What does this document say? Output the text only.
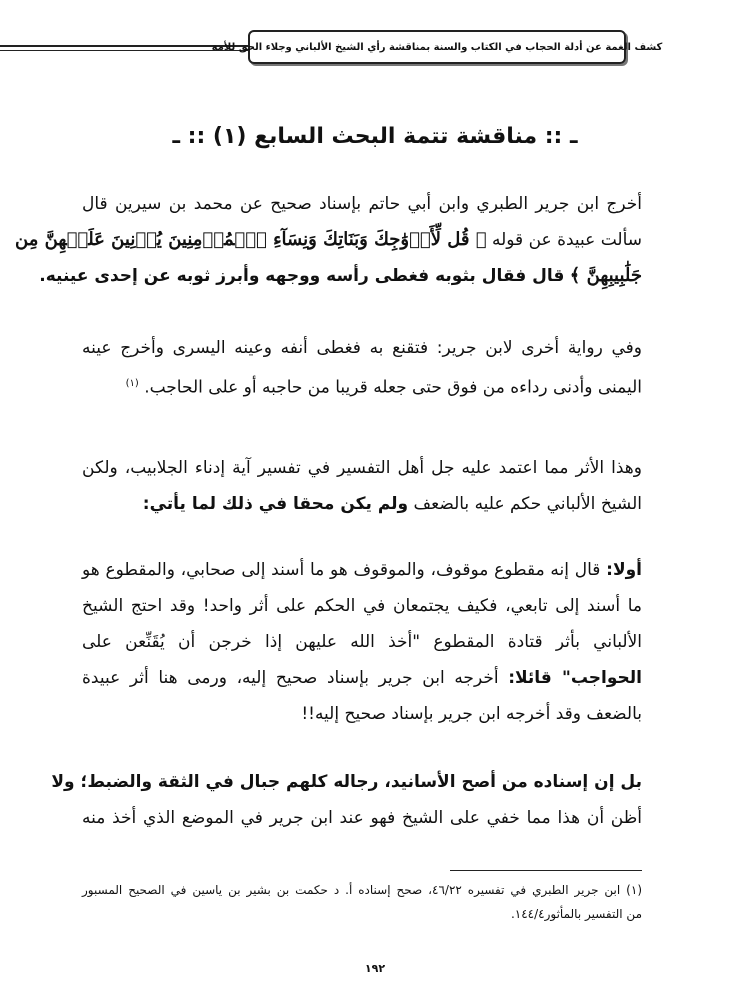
كشف الغمة عن أدلة الحجاب في الكتاب والسنة بمناقشة رأي الشيخ الألباني وجلاء الحق للأمة
ـ :: مناقشة تتمة البحث السابع (١) :: ـ
أخرج ابن جرير الطبري وابن أبي حاتم بإسناد صحيح عن محمد بن سيرين قال
سألت عبيدة عن قوله ﴿ قُل لِّأَزۡوَٰجِكَ وَبَنَاتِكَ وَنِسَآءِ ٱلۡمُؤۡمِنِينَ يُدۡنِينَ عَلَيۡهِنَّ مِن
جَلَٰبِيبِهِنَّ ﴾ قال فقال بثوبه فغطى رأسه ووجهه وأبرز ثوبه عن إحدى عينيه.
وفي رواية أخرى لابن جرير: فتقنع به فغطى أنفه وعينه اليسرى وأخرج عينه
اليمنى وأدنى رداءه من فوق حتى جعله قريبا من حاجبه أو على الحاجب. $^{(١)}$
وهذا الأثر مما اعتمد عليه جل أهل التفسير في تفسير آية إدناء الجلابيب، ولكن
الشيخ الألباني حكم عليه بالضعف ولم يكن محقا في ذلك لما يأتي:
أولا: قال إنه مقطوع موقوف، والموقوف هو ما أسند إلى صحابي، والمقطوع هو
ما أسند إلى تابعي، فكيف يجتمعان في الحكم على أثر واحد! وقد احتج الشيخ
الألباني بأثر قتادة المقطوع "أخذ الله عليهن إذا خرجن أن يُقَنِّعن على
الحواجب" قائلا: أخرجه ابن جرير بإسناد صحيح إليه، ورمى هنا أثر عبيدة
بالضعف وقد أخرجه ابن جرير بإسناد صحيح إليه!!
بل إن إسناده من أصح الأسانيد، رجاله كلهم جبال في الثقة والضبط؛ ولا
أظن أن هذا مما خفي على الشيخ فهو عند ابن جرير في الموضع الذي أخذ منه
(١) ابن جرير الطبري في تفسيره ٤٦/٢٢، صحح إسناده أ. د حكمت بن بشير بن ياسين في الصحيح المسبور
من التفسير بالمأثور١٤٤/٤.
١٩٢
